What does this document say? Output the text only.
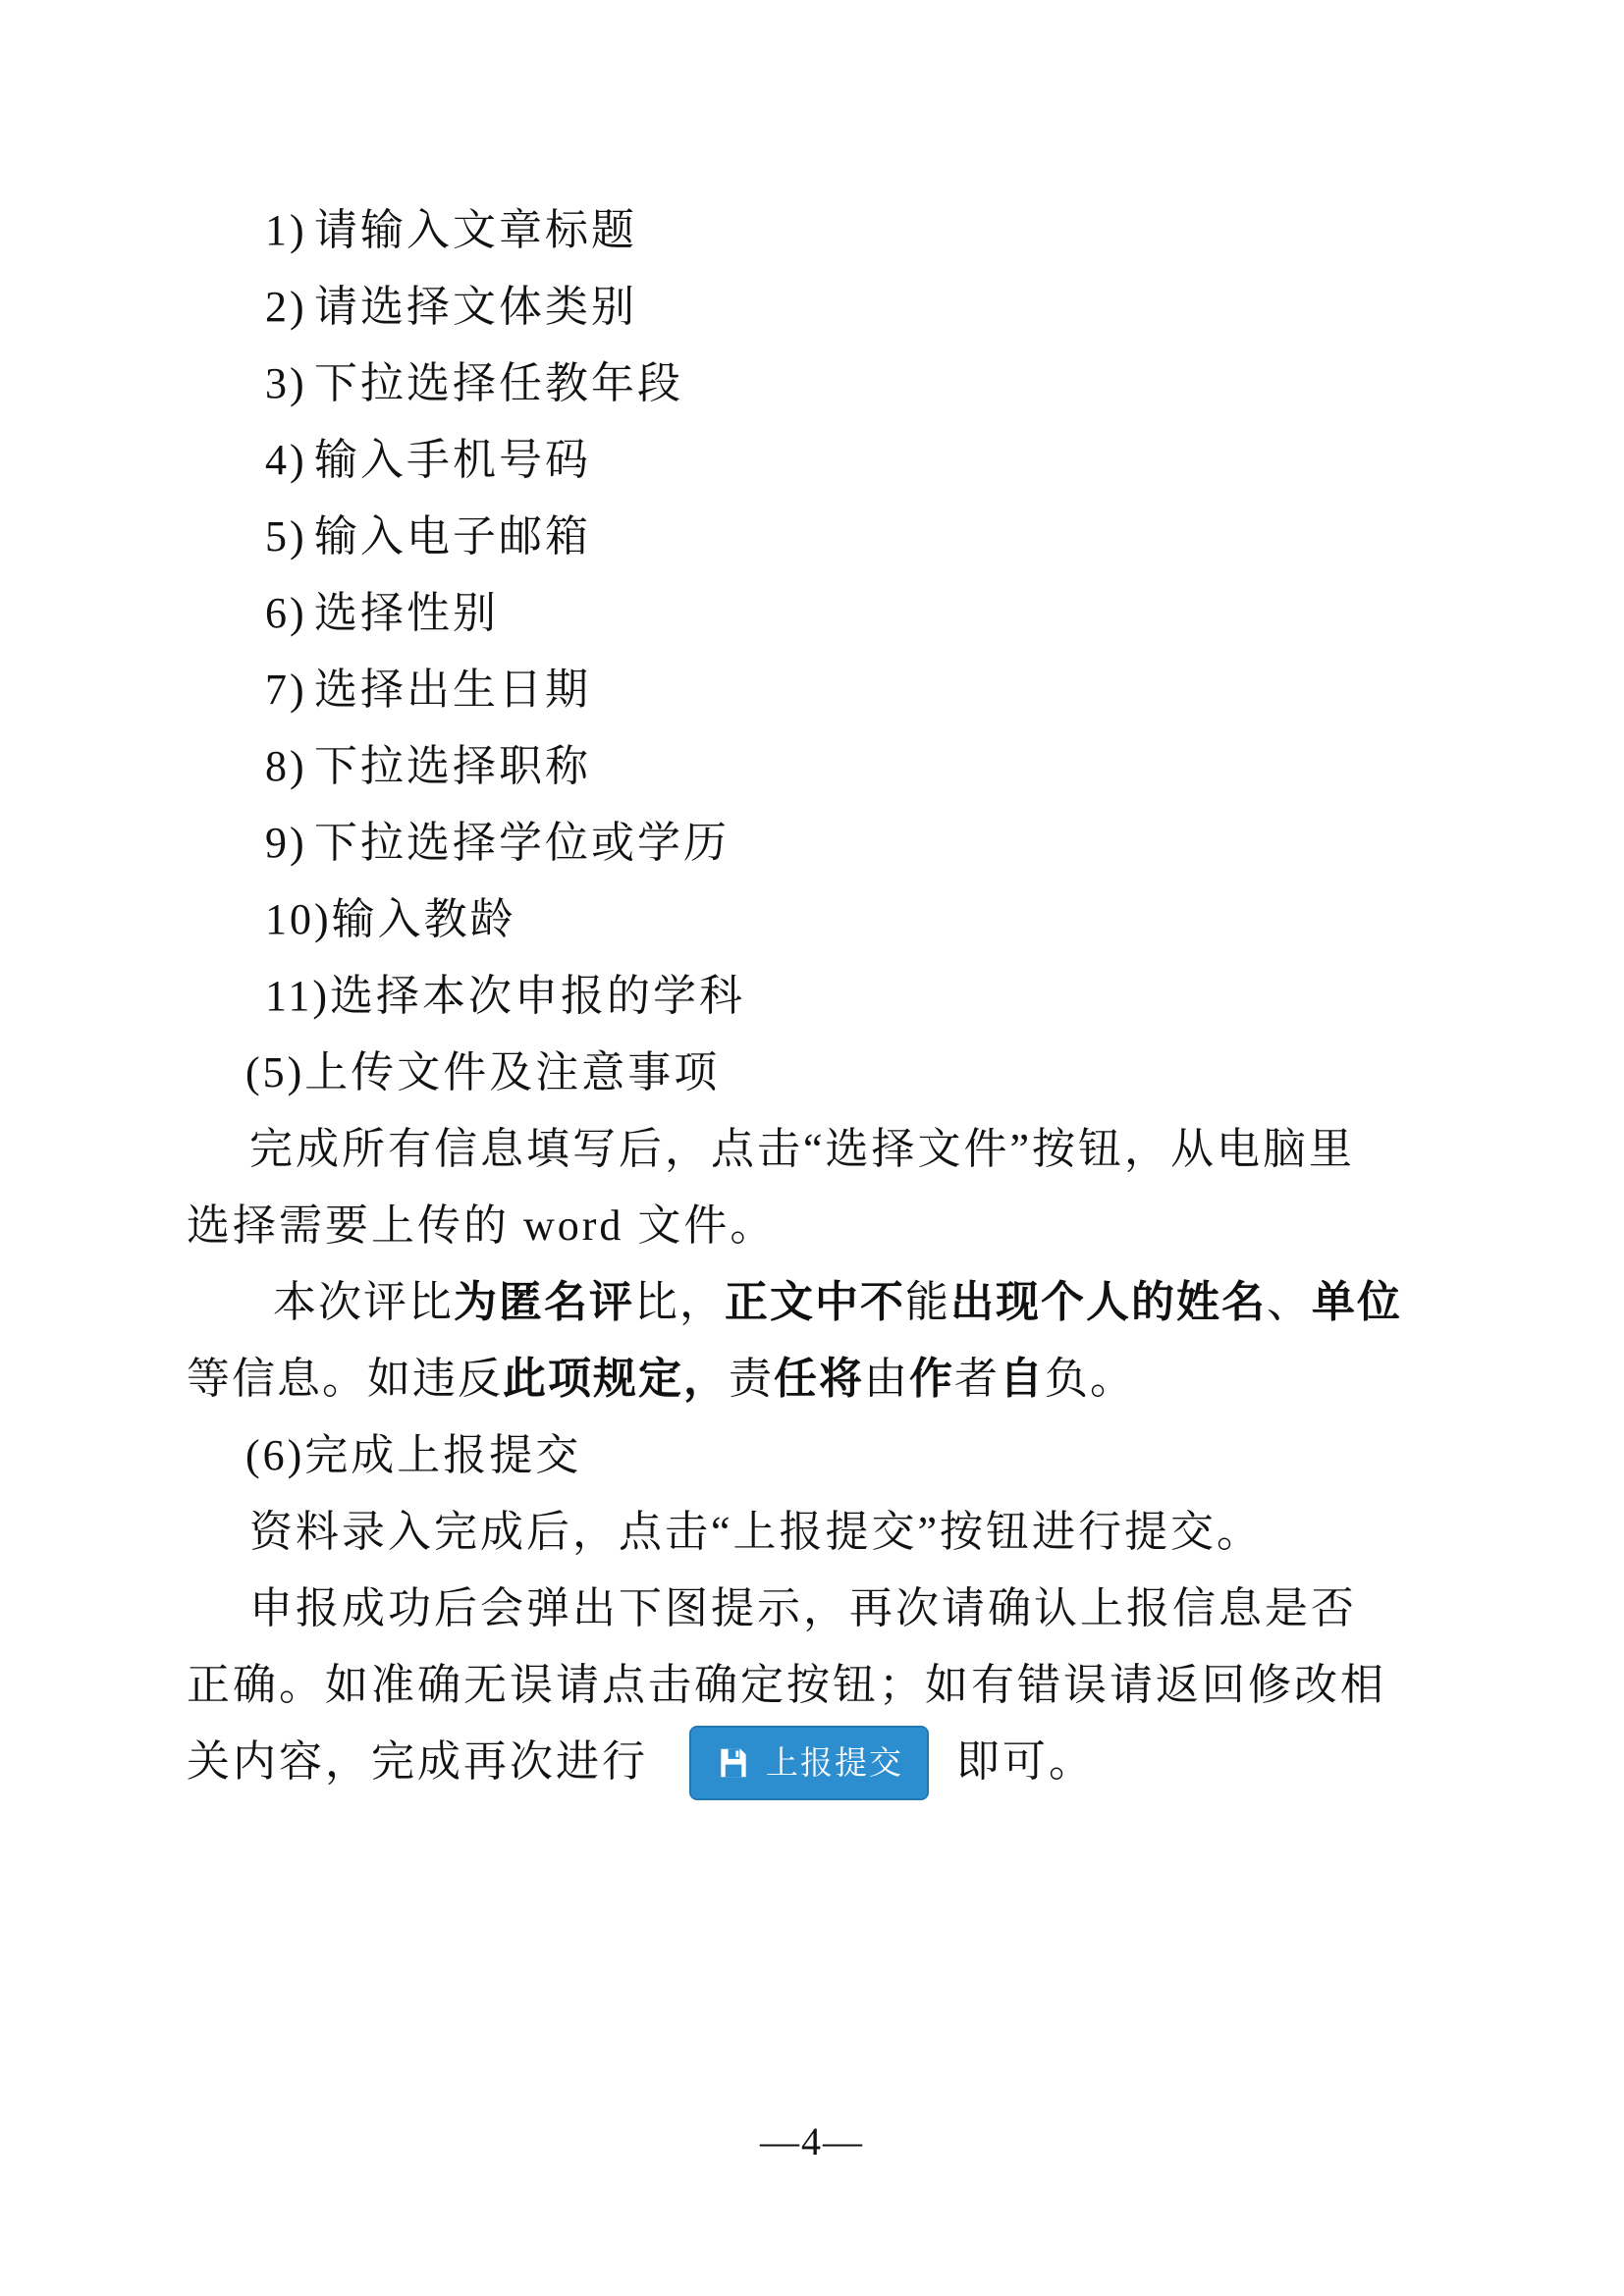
1) 请输入文章标题
2) 请选择文体类别
3) 下拉选择任教年段
4) 输入手机号码
5) 输入电子邮箱
6) 选择性别
7) 选择出生日期
8) 下拉选择职称
9) 下拉选择学位或学历
10)输入教龄
11)选择本次申报的学科
(5)上传文件及注意事项
完成所有信息填写后，点击“选择文件”按钮，从电脑里
选择需要上传的 word 文件。
本次评比为匿名评比，正文中不能出现个人的姓名、单位
等信息。如违反此项规定，责任将由作者自负。
(6)完成上报提交
资料录入完成后，点击“上报提交”按钮进行提交。
申报成功后会弹出下图提示，再次请确认上报信息是否
正确。如准确无误请点击确定按钮；如有错误请返回修改相
关内容，完成再次进行	上报提交 即可。
—4—
